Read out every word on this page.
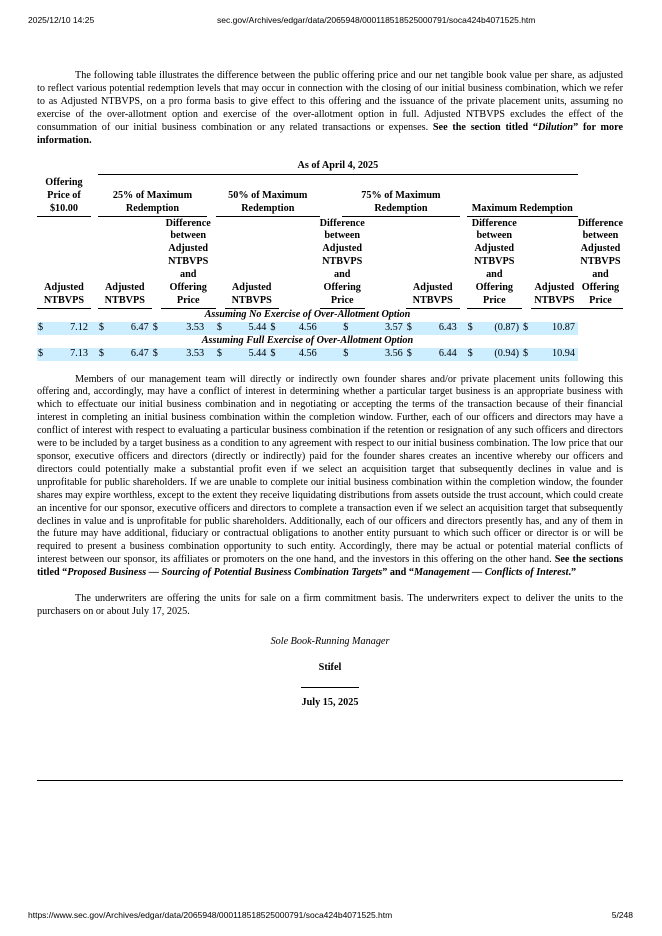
2025/12/10 14:25	sec.gov/Archives/edgar/data/2065948/000118518525000791/soca424b4071525.htm

The following table illustrates the difference between the public offering price and our net tangible book value per share, as adjusted to reflect various potential redemption levels that may occur in connection with the closing of our initial business combination, which we refer to as Adjusted NTBVPS, on a pro forma basis to give effect to this offering and the issuance of the private placement units, assuming no exercise of the over-allotment option and exercise of the over-allotment option in full. Adjusted NTBVPS excludes the effect of the consummation of our initial business combination or any related transactions or expenses. See the section titled “Dilution” for more information.

			As of April 4, 2025																			
Offering Price of $10.00			25% of Maximum Redemption					50% of Maximum Redemption					75% of Maximum Redemption					Maximum Redemption				
Adjusted NTBVPS			Adjusted NTBVPS			Difference between Adjusted NTBVPS and Offering Price			Adjusted NTBVPS			Difference between Adjusted NTBVPS and Offering Price			Adjusted NTBVPS			Difference between Adjusted NTBVPS and Offering Price			Adjusted NTBVPS		Difference between Adjusted NTBVPS and Offering Price
Assuming No Exercise of Over-Allotment Option																						
$	7.12		$	6.47	$	3.53		$	5.44	$	4.56		$	3.57	$	6.43		$	(0.87)	$	10.87	
Assuming Full Exercise of Over-Allotment Option																						
$	7.13		$	6.47	$	3.53		$	5.44	$	4.56		$	3.56	$	6.44		$	(0.94)	$	10.94	

Members of our management team will directly or indirectly own founder shares and/or private placement units following this offering and, accordingly, may have a conflict of interest in determining whether a particular target business is an appropriate business with which to effectuate our initial business combination and in negotiating or accepting the terms of the transaction because of their financial interest in completing an initial business combination within the completion window. Further, each of our officers and directors may have a conflict of interest with respect to evaluating a particular business combination if the retention or resignation of any such officers and directors were to be included by a target business as a condition to any agreement with respect to our initial business combination. The low price that our sponsor, executive officers and directors (directly or indirectly) paid for the founder shares creates an incentive whereby our officers and directors could potentially make a substantial profit even if we select an acquisition target that subsequently declines in value and is unprofitable for public shareholders. If we are unable to complete our initial business combination within the completion window, the founder shares may expire worthless, except to the extent they receive liquidating distributions from assets outside the trust account, which could create an incentive for our sponsor, executive officers and directors to complete a transaction even if we select an acquisition target that subsequently declines in value and is unprofitable for public shareholders. Additionally, each of our officers and directors presently has, and any of them in the future may have additional, fiduciary or contractual obligations to another entity pursuant to which such officer or director is or will be required to present a business combination opportunity to such entity. Accordingly, there may be actual or potential material conflicts of interest between our sponsor, its affiliates or promoters on the one hand, and the investors in this offering on the other hand. See the sections titled “Proposed Business — Sourcing of Potential Business Combination Targets” and “Management — Conflicts of Interest.”

The underwriters are offering the units for sale on a firm commitment basis. The underwriters expect to deliver the units to the purchasers on or about July 17, 2025.

Sole Book-Running Manager
Stifel
July 15, 2025
https://www.sec.gov/Archives/edgar/data/2065948/000118518525000791/soca424b4071525.htm	5/248
